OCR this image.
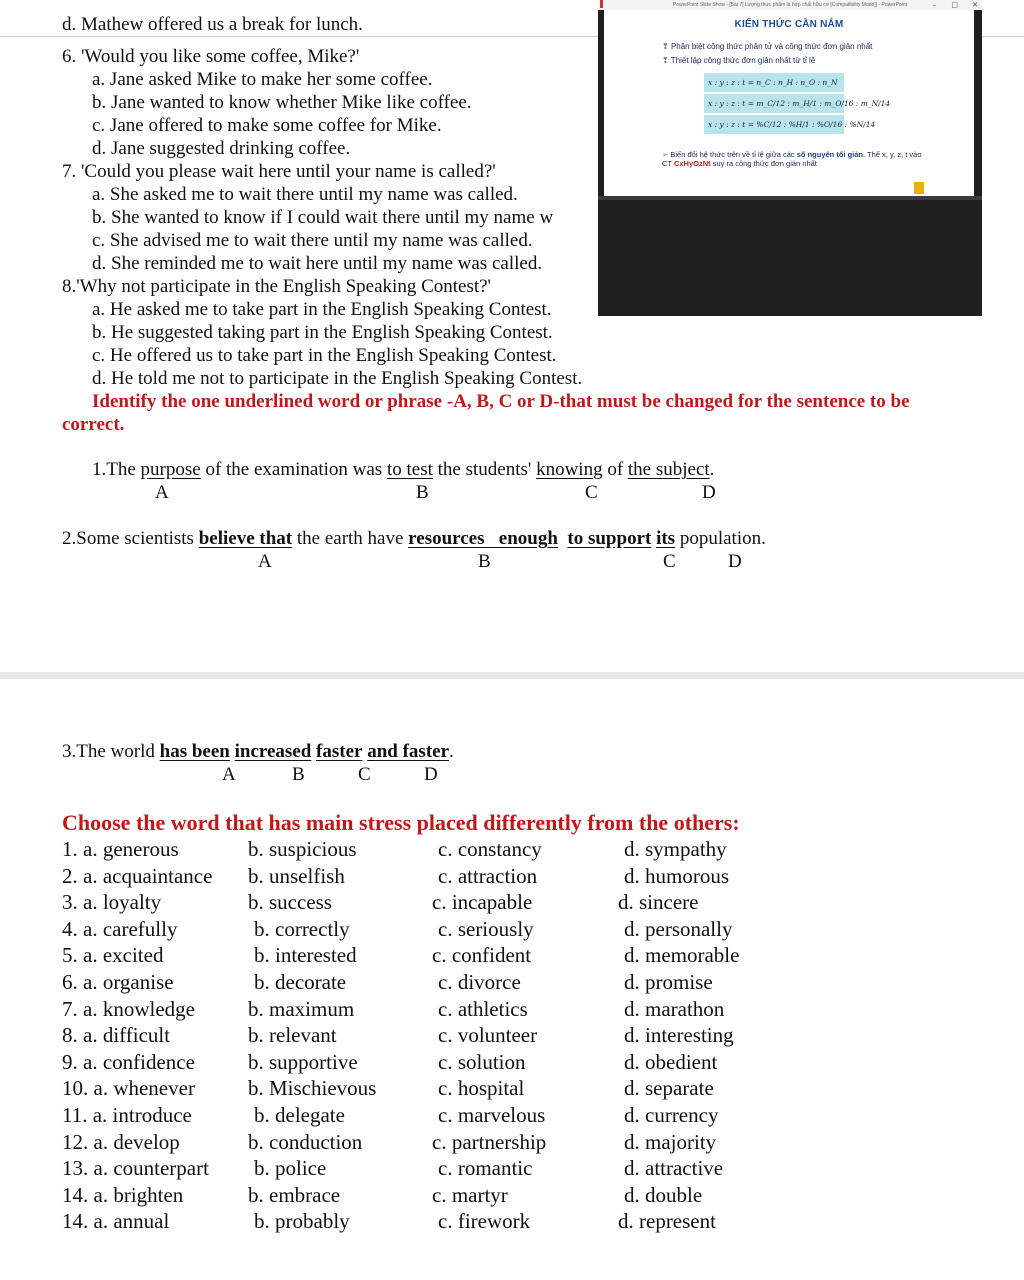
d. Mathew offered us a break for lunch.
6. 'Would you like some coffee, Mike?'
a. Jane asked Mike to make her some coffee.
b. Jane wanted to know whether Mike like coffee.
c. Jane offered to make some coffee for Mike.
d. Jane suggested drinking coffee.
7. 'Could you please wait here until your name is called?'
a. She asked me to wait there until my name was called.
b. She wanted to know if I could wait there until my name w
c. She advised me to wait there until my name was called.
d. She reminded me to wait here until my name was called.
8.'Why not participate in the English Speaking Contest?'
a. He asked me to take part in the English Speaking Contest.
b. He suggested taking part in the English Speaking Contest.
c. He offered us to take part in the English Speaking Contest.
d. He told me not to participate in the English Speaking Contest.
Identify the one underlined word or phrase -A, B, C or D-that must be changed for the sentence to be
correct.
1.The purpose of the examination was to test the students' knowing of the subject.
A	B	C	D
2.Some scientists believe that the earth have resources   enough to support its population.
A	B	C	D
3.The world has been increased faster and faster.
A	B	C	D
Choose the word that has main stress placed differently from the others:
1. a. generous	b. suspicious	c. constancy	d. sympathy
2. a. acquaintance b. unselfish	c. attraction	d. humorous
3. a. loyalty	b. success	c. incapable	d. sincere
4. a. carefully	b. correctly	c. seriously	d. personally
5. a. excited	b. interested	c. confident	d. memorable
6. a. organise	b. decorate	c. divorce	d. promise
7. a. knowledge	b. maximum	c. athletics	d. marathon
8. a. difficult	b. relevant	c. volunteer	d. interesting
9. a. confidence	b. supportive	c. solution	d. obedient
10. a. whenever	b. Mischievous	c. hospital	d. separate
11. a. introduce	b. delegate	c. marvelous	d. currency
12. a. develop	b. conduction	c. partnership	d. majority
13. a. counterpart b. police	c. romantic	d. attractive
14. a. brighten	b. embrace	c. martyr	d. double
14. a. annual	b. probably	c. firework	d. represent
PowerPoint Slide Show - [Bài 7] Lượng thực phẩm là hợp chất hữu cơ [Compatibility Mode]] - PowerPoint	– □ ✕
KIẾN THỨC CẦN NẮM
❢ Phân biệt công thức phân tử và công thức đơn giản nhất
❢ Thiết lập công thức đơn giản nhất từ tỉ lệ
x : y : z : t = n_C : n_H : n_O : n_N
x : y : z : t = m_C/12 : m_H/1 : m_O/16 : m_N/14
x : y : z : t = %C/12 : %H/1 : %O/16 : %N/14
➢ Biến đổi hệ thức trên về tỉ lệ giữa các số nguyên tối giản. Thế x, y, z, t vào CT CxHyOzNt suy ra công thức đơn giản nhất
